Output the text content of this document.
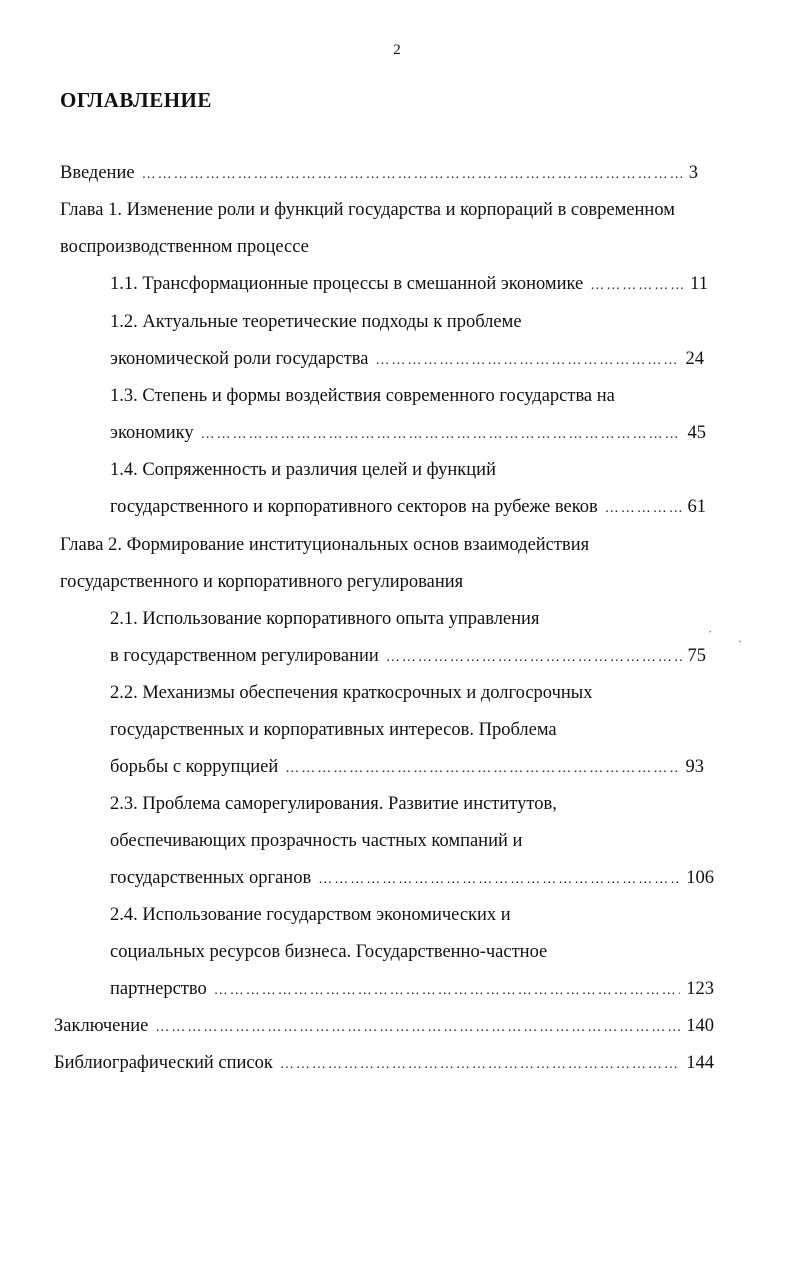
2
ОГЛАВЛЕНИЕ
Введение …………………………………………………………………………………………………………………………………………………………………………………………	3
Глава 1. Изменение роли и функций государства и корпораций в современном
воспроизводственном процессе
1.1. Трансформационные процессы в смешанной экономике …………………………………………………………………………………………………………………………………………………………………………………………	11
1.2. Актуальные теоретические подходы к проблеме
экономической роли государства …………………………………………………………………………………………………………………………………………………………………………………………	24
1.3. Степень и формы воздействия современного государства на
экономику …………………………………………………………………………………………………………………………………………………………………………………………	45
1.4. Сопряженность и различия целей и функций
государственного и корпоративного секторов на рубеже веков …………………………………………………………………………………………………………………………………………………………………………………………	61
Глава 2. Формирование институциональных основ взаимодействия
государственного и корпоративного регулирования
2.1. Использование корпоративного опыта управления
в государственном регулировании …………………………………………………………………………………………………………………………………………………………………………………………	75
2.2. Механизмы обеспечения краткосрочных и долгосрочных
государственных и корпоративных интересов. Проблема
борьбы с коррупцией …………………………………………………………………………………………………………………………………………………………………………………………	93
2.3. Проблема саморегулирования. Развитие институтов,
обеспечивающих прозрачность частных компаний и
государственных органов …………………………………………………………………………………………………………………………………………………………………………………………	106
2.4. Использование государством экономических и
социальных ресурсов бизнеса. Государственно-частное
партнерство …………………………………………………………………………………………………………………………………………………………………………………………	123
Заключение …………………………………………………………………………………………………………………………………………………………………………………………	140
Библиографический список …………………………………………………………………………………………………………………………………………………………………………………………	144
ˊ ˏ
